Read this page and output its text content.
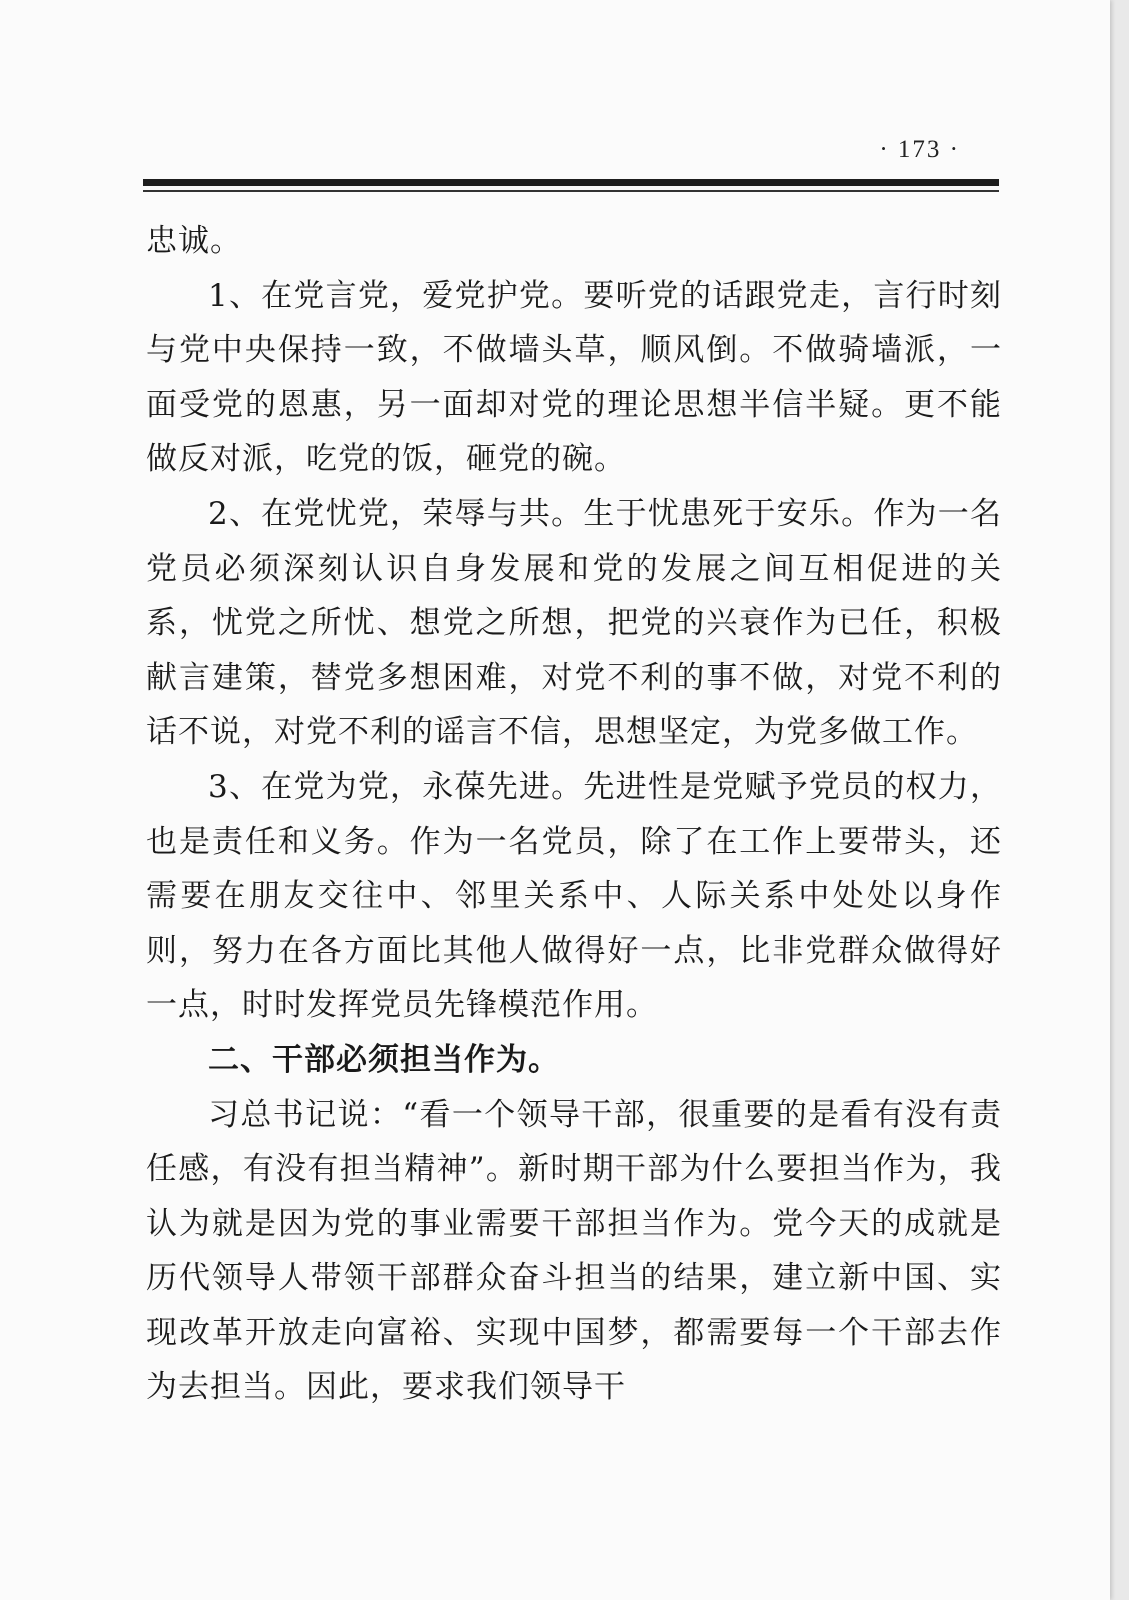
· 173 ·

忠诚。

1、在党言党，爱党护党。要听党的话跟党走，言行时刻与党中央保持一致，不做墙头草，顺风倒。不做骑墙派，一面受党的恩惠，另一面却对党的理论思想半信半疑。更不能做反对派，吃党的饭，砸党的碗。

2、在党忧党，荣辱与共。生于忧患死于安乐。作为一名党员必须深刻认识自身发展和党的发展之间互相促进的关系，忧党之所忧、想党之所想，把党的兴衰作为已任，积极献言建策，替党多想困难，对党不利的事不做，对党不利的话不说，对党不利的谣言不信，思想坚定，为党多做工作。

3、在党为党，永葆先进。先进性是党赋予党员的权力，也是责任和义务。作为一名党员，除了在工作上要带头，还需要在朋友交往中、邻里关系中、人际关系中处处以身作则，努力在各方面比其他人做得好一点，比非党群众做得好一点，时时发挥党员先锋模范作用。

二、干部必须担当作为。

习总书记说：“看一个领导干部，很重要的是看有没有责任感，有没有担当精神”。新时期干部为什么要担当作为，我认为就是因为党的事业需要干部担当作为。党今天的成就是历代领导人带领干部群众奋斗担当的结果，建立新中国、实现改革开放走向富裕、实现中国梦，都需要每一个干部去作为去担当。因此，要求我们领导干
